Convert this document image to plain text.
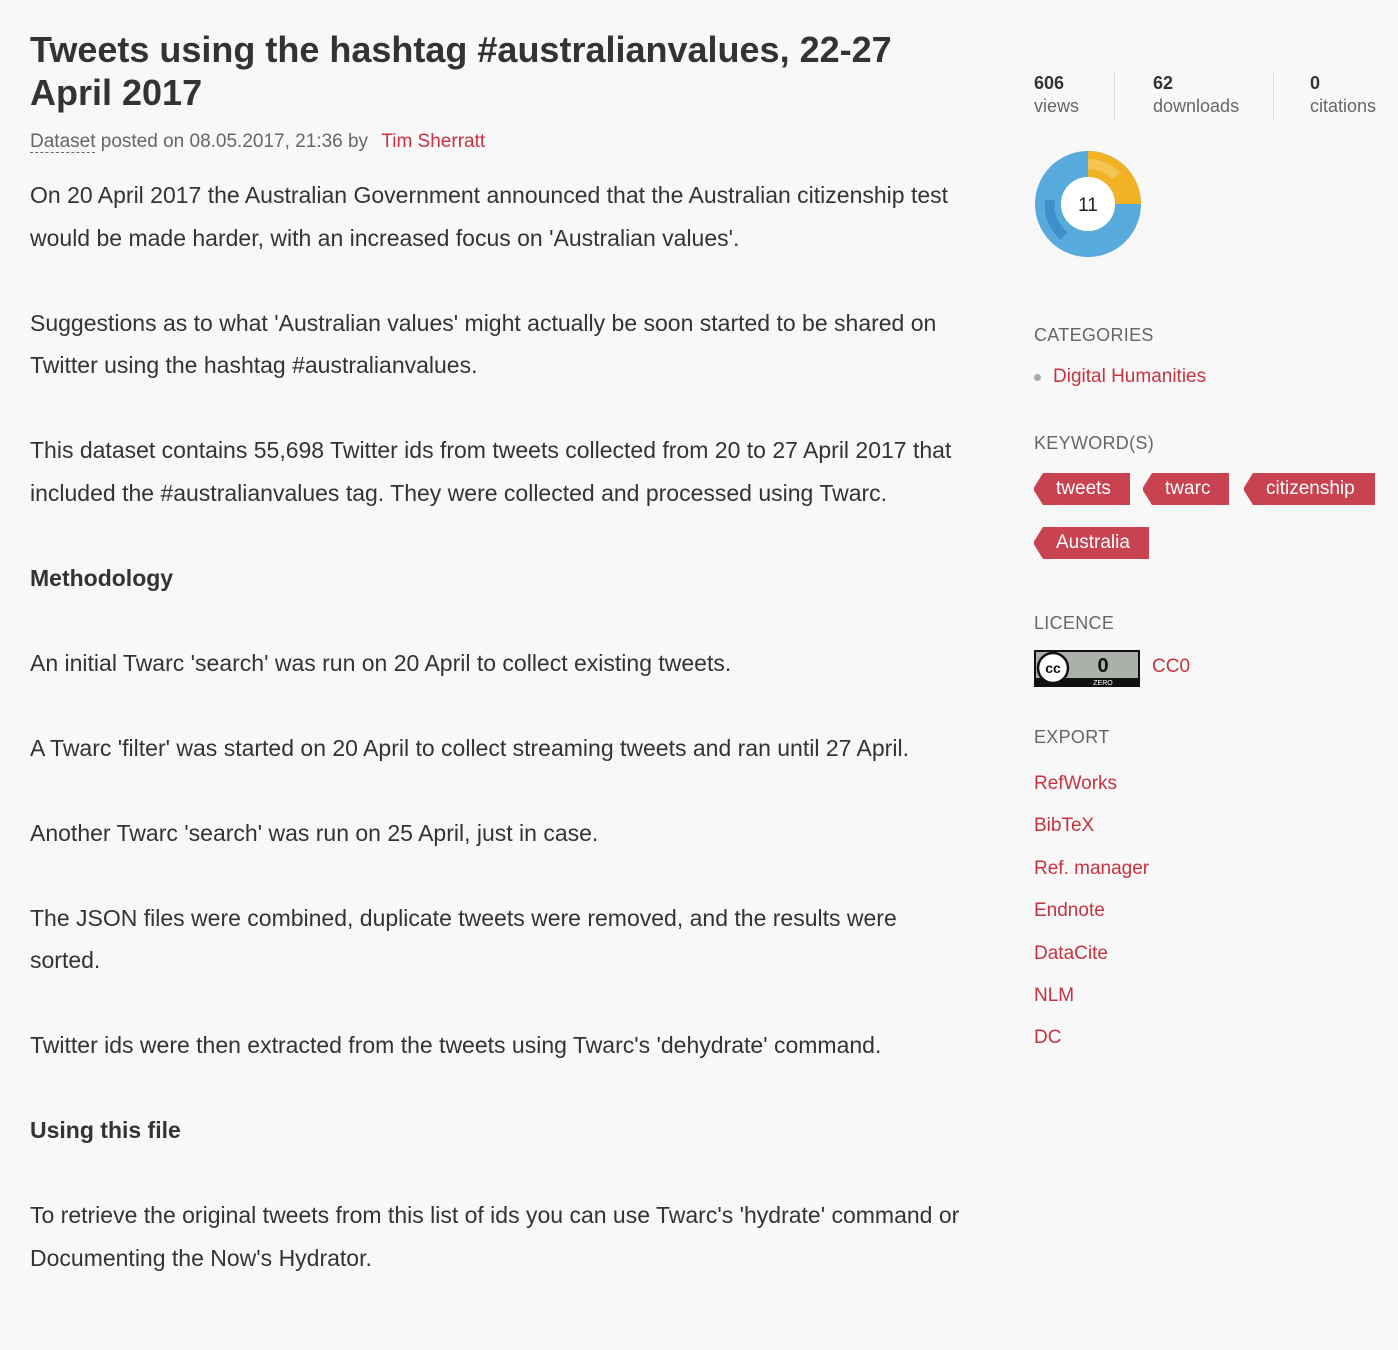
Tweets using the hashtag #australianvalues, 22-27 April 2017
Dataset posted on 08.05.2017, 21:36 by Tim Sherratt

On 20 April 2017 the Australian Government announced that the Australian citizenship test would be made harder, with an increased focus on 'Australian values'.

Suggestions as to what 'Australian values' might actually be soon started to be shared on Twitter using the hashtag #australianvalues.

This dataset contains 55,698 Twitter ids from tweets collected from 20 to 27 April 2017 that included the #australianvalues tag. They were collected and processed using Twarc.

Methodology

An initial Twarc 'search' was run on 20 April to collect existing tweets.

A Twarc 'filter' was started on 20 April to collect streaming tweets and ran until 27 April.

Another Twarc 'search' was run on 25 April, just in case.

The JSON files were combined, duplicate tweets were removed, and the results were sorted.

Twitter ids were then extracted from the tweets using Twarc's 'dehydrate' command.

Using this file

To retrieve the original tweets from this list of ids you can use Twarc's 'hydrate' command or Documenting the Now's Hydrator.

606
views
62
downloads
0
citations
11
CATEGORIES
Digital Humanities
KEYWORD(S)
tweets	twarc	citizenship
Australia
LICENCE
cc 0
ZERO
CC0
EXPORT
RefWorks
BibTeX
Ref. manager
Endnote
DataCite
NLM
DC
